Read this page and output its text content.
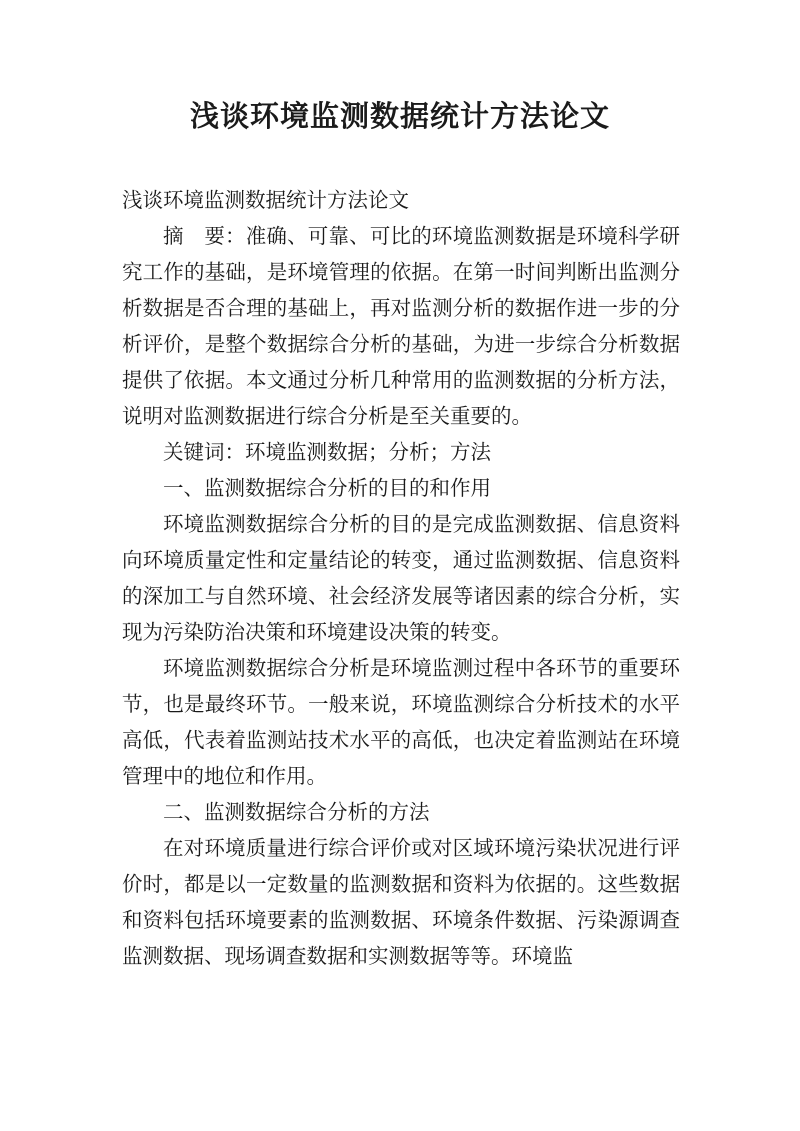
浅谈环境监测数据统计方法论文

浅谈环境监测数据统计方法论文

摘　要：准确、可靠、可比的环境监测数据是环境科学研究工作的基础，是环境管理的依据。在第一时间判断出监测分析数据是否合理的基础上，再对监测分析的数据作进一步的分析评价，是整个数据综合分析的基础，为进一步综合分析数据提供了依据。本文通过分析几种常用的监测数据的分析方法，说明对监测数据进行综合分析是至关重要的。

关键词：环境监测数据；分析；方法

一、监测数据综合分析的目的和作用

环境监测数据综合分析的目的是完成监测数据、信息资料向环境质量定性和定量结论的转变，通过监测数据、信息资料的深加工与自然环境、社会经济发展等诸因素的综合分析，实现为污染防治决策和环境建设决策的转变。

环境监测数据综合分析是环境监测过程中各环节的重要环节，也是最终环节。一般来说，环境监测综合分析技术的水平高低，代表着监测站技术水平的高低，也决定着监测站在环境管理中的地位和作用。

二、监测数据综合分析的方法

在对环境质量进行综合评价或对区域环境污染状况进行评价时，都是以一定数量的监测数据和资料为依据的。这些数据和资料包括环境要素的监测数据、环境条件数据、污染源调查监测数据、现场调查数据和实测数据等等。环境监
